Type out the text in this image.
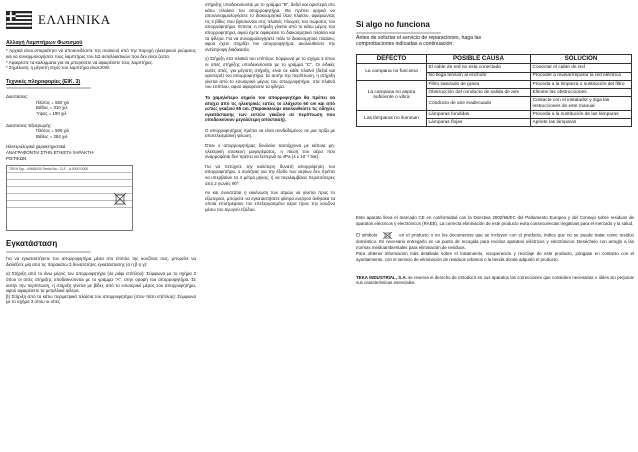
ΕΛΛΗΝΙΚΑ
Αλλαγή Λαμπτήρων Φωτισμού
* Αρχικά είναι απαραίτητο να αποσυνδέσετε την συσκευή από την παροχή ηλεκτρικού ρεύματος και να συναρμολογήσετε τους λαμπτήρες του 1Ω ανταλλακτικών που δεν είναι ζεστα.
* Αφαιρέστε τα καλύμματα για να μπορέσετε να αφαιρέσετε τους λαμπτήρες.
* Σημείωση: η μέγιστη ισχύς του λαμπτήρα είναι 20W.
Τεχνικές πληροφορίες (ΕΙΚ. 3)
=======================================
Διαστάσεις:
Πλάτος = 550 χιλ
Βάθος = 310 χιλ
Ύψος = 190 χιλ
Διαστάσεις Εξαερωμής:
Πλάτος = 505 χιλ
Βάθος = 292 χιλ
Ηλεκτρολογικά χαρακτηριστικά
ΑΝΑΓΡΑΦΟΝΤΑΙ ΣΤΗΝ ΕΤΙΚΕΤΑ ΧΑΡΑΚΤΗ-
ΡΙΣΤΙΚΩΝ
TEKA Typ.: 40465430 Serial No.: CLF - A 0000-0000
Εγκατάσταση
=======================================
Για να εγκαταστήσετε τον απορροφητήρα μέσα στο έπιπλο της κουζίνας σας, μπορείτε να διαλέξετε μία από τις παρακάτω 3 δυνατότητες εγκατάστασης (α η β η γ):
α) Στήριξη από το άνω μέρος του απορροφητήρα (σε ράφι επίπλου): Σύμφωνα με το σχήμα 3 όπου οι οπές στήριξης υποδεικνύονται με το γράμμα "A", στην οροφή του απορροφητήρα. Σε αυτήν την περίπτωση, η στήριξη γίνεται με βίδες από το εσωτερικό μέρος του απορροφητήρα, αφού αφαιρέσετε τα μεταλλικά φίλτρα.
β) Στήριξη από τα κάτω περιμετρικά πλαίσια του απορροφητήρα (στον πάτο επίπλου): Σύμφωνα με το σχήμα 3 όπου οι οπές
στήριξης υποδεικνύονται με το γράμμα "B", δεξιά και αριστερά στο κάτω πλαίσιο του απορροφητήρα. Θα πρέπει αρχικά να αποσυναρμολογήσετε το διακοσμητικό ίλασ πλαίσιο, αφαιρώντας τις 4 βίδες που βρίσκονται στις πλαϊνές πλευρές του σώματος του απορροφητήρα. Έπειτα, η στήριξη γίνεται από το κάτω μέρος του απορροφητήρα, αφού έχετε αφαιρέσει το διακοσμητικό πλαίσιο και τα φίλτρα. Για να συναρμολογήσετε πάλι το διακοσμητικό πλαίσιο, αφού έχετε στηρίξει τον απορροφητήρα, ακολουθείστε την αντίστροφη διαδικασία.
γ) Στήριξη στα πλαϊνά του επίπλου: Σύμφωνα με το σχήμα 3 όπου οι οπές στήριξης υποδεικνύονται με το γράμμα "C". Οι ειδικές αυτές οπές, για μέγιστη στήριξη, είναι σε κάθε πλαϊνό (δεξιά και αριστερά) του απορροφητήρα. Σε αυτήν την περίπτωση, η στήριξη γίνεται από το εσωτερικό μέρος του απορροφητήρα, στα πλαϊνά του επίπλου, αφού αφαιρέσετε τα φίλτρα.
Το χαμηλότερο σημείο του απορροφητήρα θα πρέπει να απέχει από τις ηλεκτρικές εστίες το ελάχιστο 60 cm και από εστίες γκαζιού 65 cm. (Παρακαλούμε ακολουθείστε τις οδηγίες εγκατάστασης των εστιών γκαζιού σε περίπτωση που υποδεικνύουν μεγαλύτερη απόσταση).
Ο απορροφητήρας πρέπει να είναι συνδεδεμένος σε μια πρίζα με αποτελεσματική γείωση.
Όταν ο απορροφητήρας δουλεύει ταυτόχρονα με κάποια μη-ηλεκτρική συσκευή μαγειρέματος, η πίεση του αέρα που αναρροφάται δεν πρέπει να ξεπερνά τα 4Pa (4 x 10⁻⁵ bar).
Για να πετύχετε την καλύτερη δυνατή απορρόφηση του απορροφητήρα, ο σωλήνας για την έξοδο των αερίων δεν πρέπει να υπερβαίνει τα 4 μέτρα μήκος, ή να περιλαμβάνει περισσότερες από 2 γωνίες 90º.
Αν και συνιστάται η εκκένωση των ατμών να γίνεται προς το εξωτερικό, μπορείτε να εγκαταστήσετε φίλτρα ενεργού άνθρακα τα οποία επιστρέφουν τον επεξεργασμένο αέρα προς την κουζίνα μέσω του αγωγού εξόδου.
Si algo no funciona
=======================================
Antes de solicitar el servicio de reparaciones, haga las comprobaciones indicadas a continuación:
DEFECTO	POSIBLE CAUSA	SOLUCIÓN
La campana no funciona	El cable de red no esta conectado	Conectar el cable de red
	No llega tensión al enchufe	Proceder a revisar/reparar la red eléctrica
La campana no aspira suficiente o vibra	Filtro saturado de grasa	Proceda a la limpieza o sustitución del filtro
	Obstrucción del conducto de salida de aire	Elimine las obstrucciones
	Conducto de aire inadecuado	Contacte con el instalador y siga las instrucciones de este manual
Las lámparas no iluminan	Lámparas fundidas	Proceda a la sustitución de las lámparas
	Lámparas flojas	Apriete las lámparas
Este aparato lleva el marcado CE en conformidad con la Directiva 2002/96/EC del Parlamento Europeo y del Consejo sobre residuos de aparatos eléctricos y electrónicos (RAEE). La correcta eliminación de este producto evita consecuencias negativas para el mercado y la salud.
El símbolo	en el producto o en los documentos que se incluyen con el producto, indica que no se puede tratar como residuo doméstico. Es necesario entregarlo en un punto de recogida para reciclar aparatos eléctricos y electrónicos. Deséchelo con arreglo a las normas medioambientales para eliminación de residuos.
Para obtener información más detallada sobre el tratamiento, recuperación y reciclaje de este producto, póngase en contacto con el ayuntamiento, con el servicio de eliminación de residuos urbanos o la tienda donde adquirió el producto.
TEKA INDUSTRIAL, S.A. se reserva el derecho de introducir en sus aparatos las correcciones que considere necesarias o útiles sin perjuicar sus características esenciales.
